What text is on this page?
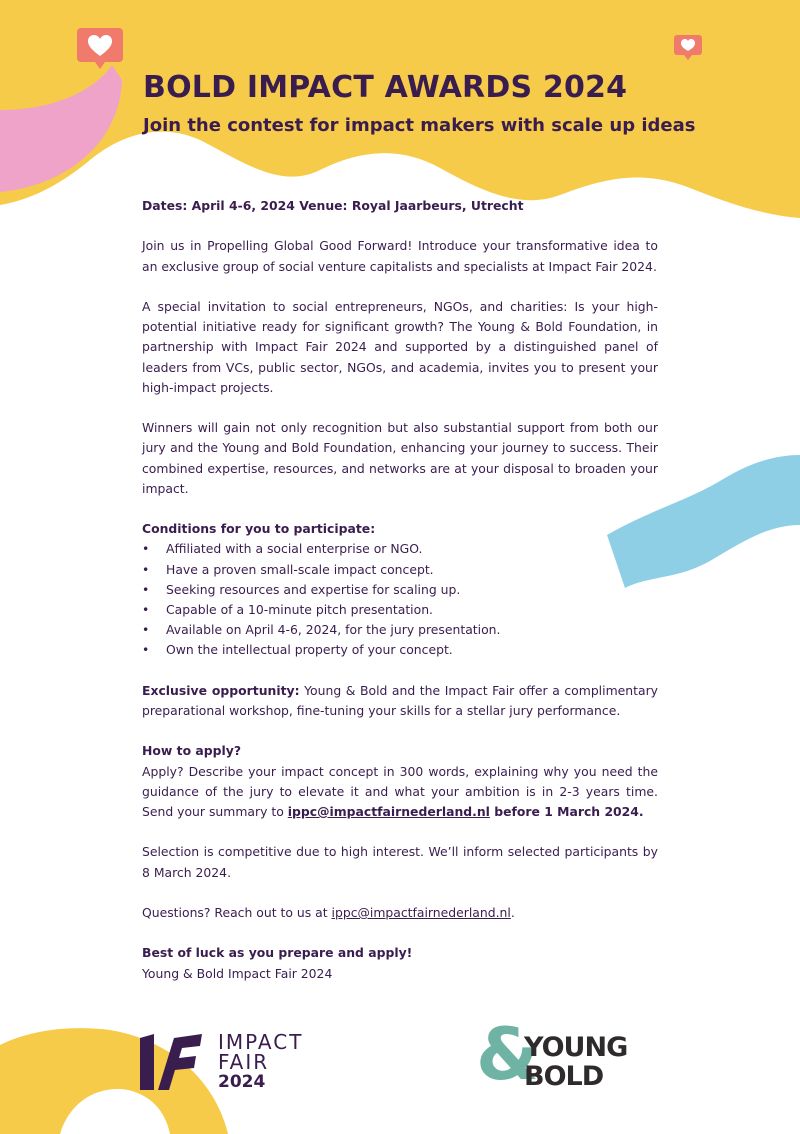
BOLD IMPACT AWARDS 2024
Join the contest for impact makers with scale up ideas

Dates: April 4-6, 2024 Venue: Royal Jaarbeurs, Utrecht

Join us in Propelling Global Good Forward! Introduce your transformative idea to an exclusive group of social venture capitalists and specialists at Impact Fair 2024.

A special invitation to social entrepreneurs, NGOs, and charities: Is your high-potential initiative ready for significant growth? The Young & Bold Foundation, in partnership with Impact Fair 2024 and supported by a distinguished panel of leaders from VCs, public sector, NGOs, and academia, invites you to present your high-impact projects.

Winners will gain not only recognition but also substantial support from both our jury and the Young and Bold Foundation, enhancing your journey to success. Their combined expertise, resources, and networks are at your disposal to broaden your impact.

Conditions for you to participate:
• Affiliated with a social enterprise or NGO.
• Have a proven small-scale impact concept.
• Seeking resources and expertise for scaling up.
• Capable of a 10-minute pitch presentation.
• Available on April 4-6, 2024, for the jury presentation.
• Own the intellectual property of your concept.

Exclusive opportunity: Young & Bold and the Impact Fair offer a complimentary preparational workshop, fine-tuning your skills for a stellar jury performance.

How to apply?

Apply? Describe your impact concept in 300 words, explaining why you need the guidance of the jury to elevate it and what your ambition is in 2-3 years time. Send your summary to ippc@impactfairnederland.nl before 1 March 2024.

Selection is competitive due to high interest. We’ll inform selected participants by 8 March 2024.

Questions? Reach out to us at ippc@impactfairnederland.nl.

Best of luck as you prepare and apply!
Young & Bold Impact Fair 2024
IMPACT
FAIR
2024	&
YOUNG
BOLD
